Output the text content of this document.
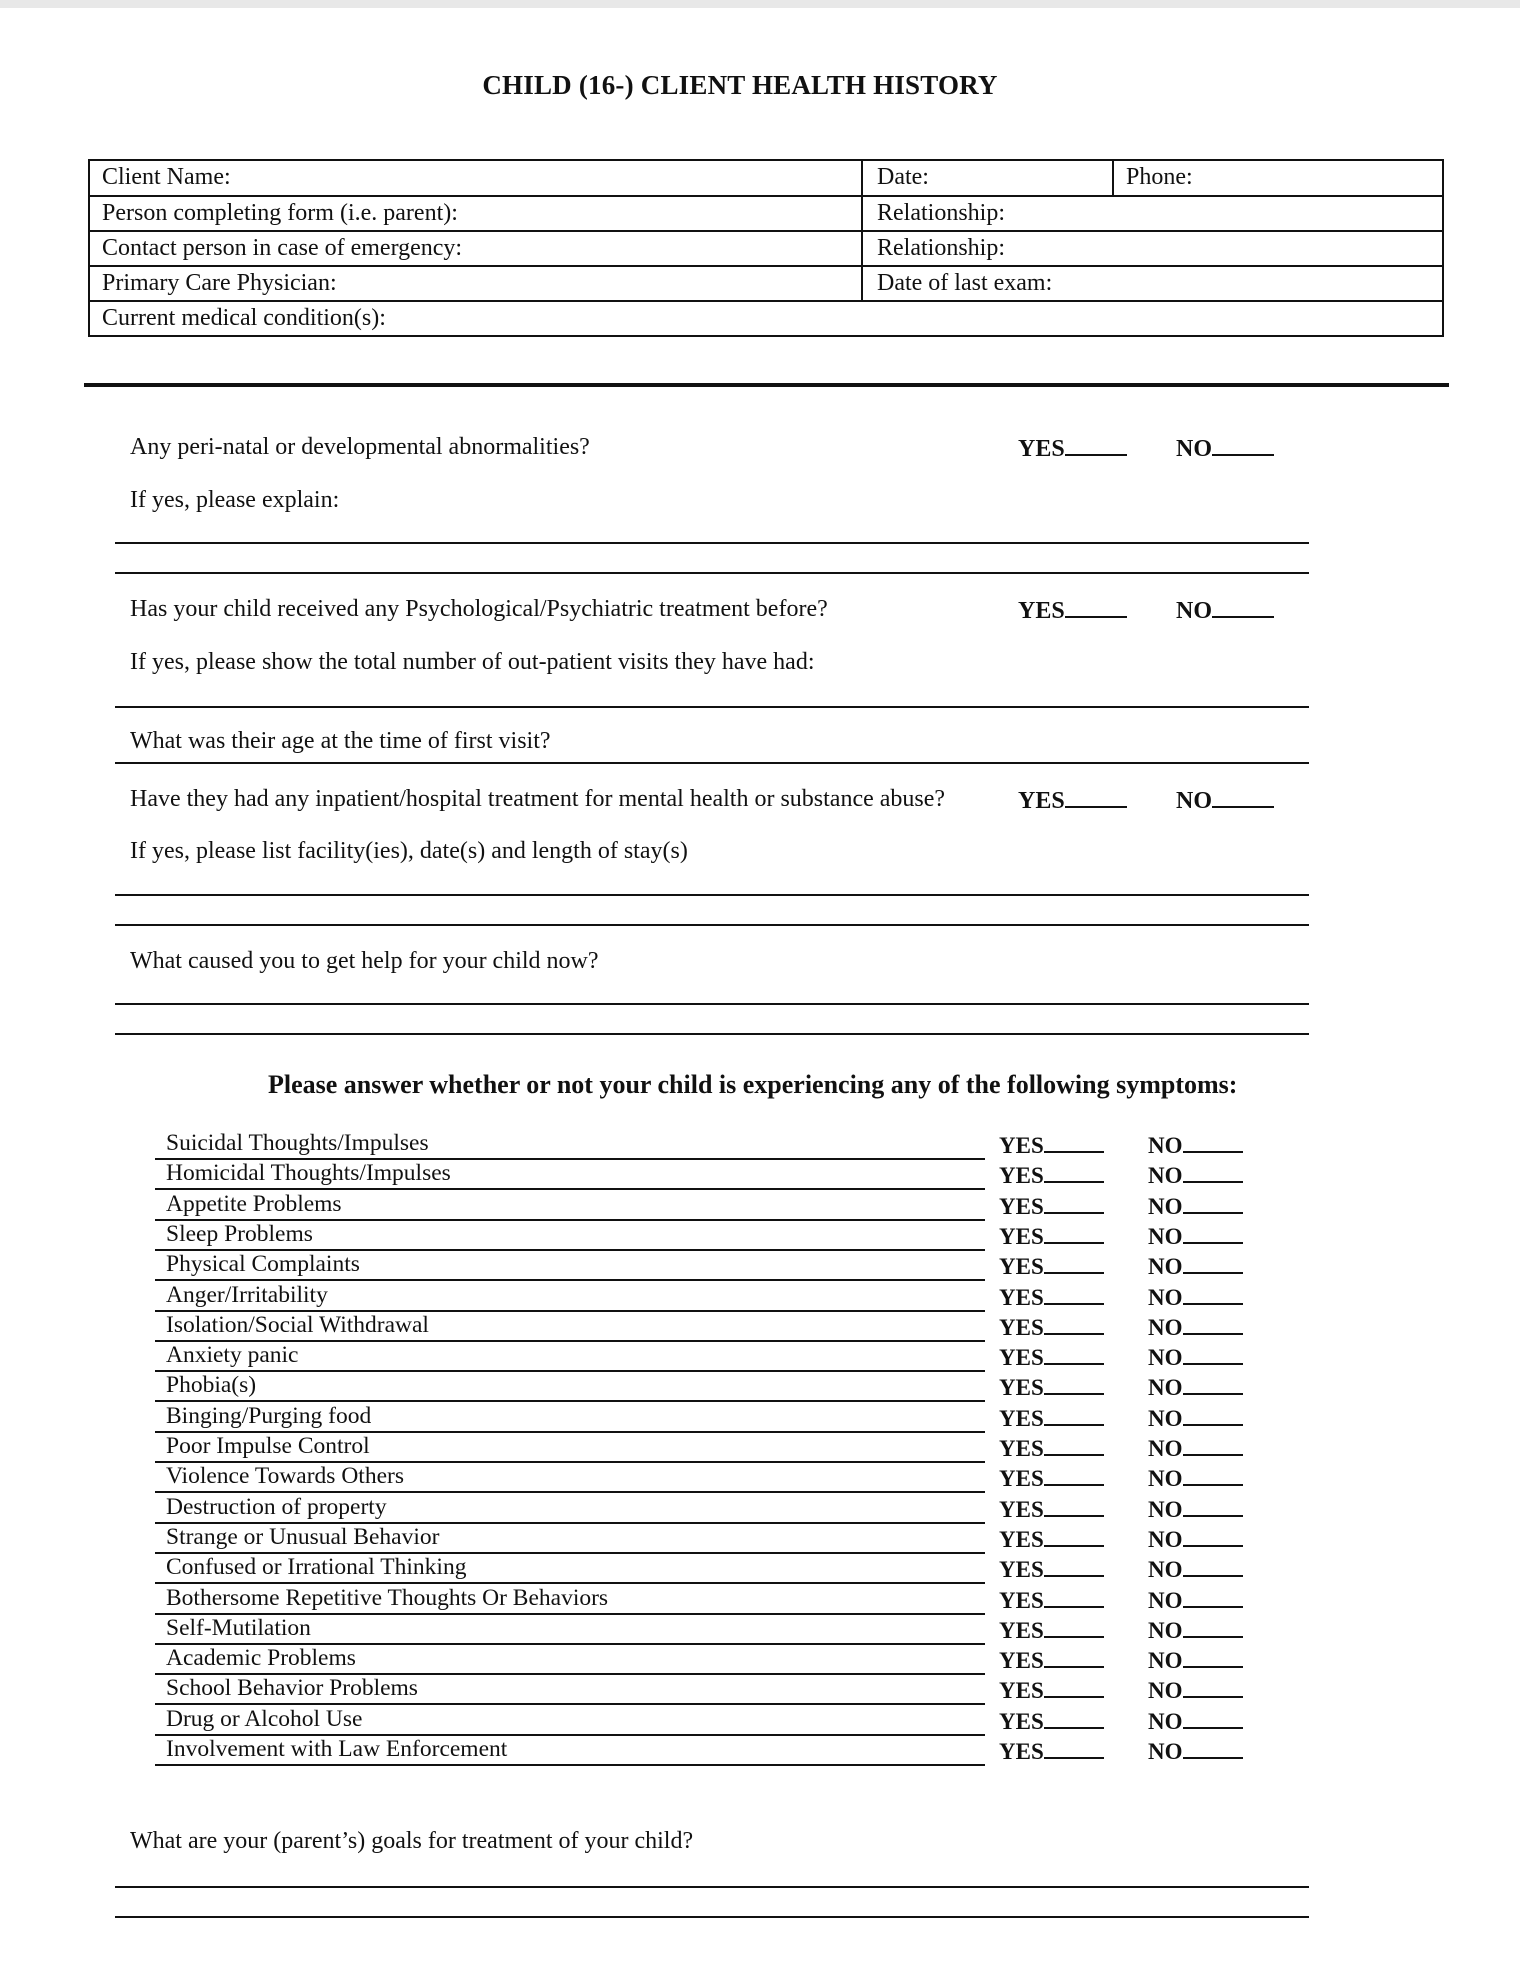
CHILD (16-) CLIENT HEALTH HISTORY
Client Name:	Date:	Phone:
Person completing form (i.e. parent):	Relationship:
Contact person in case of emergency:	Relationship:
Primary Care Physician:	Date of last exam:
Current medical condition(s):
Any peri-natal or developmental abnormalities?	YES	NO
If yes, please explain:
Has your child received any Psychological/Psychiatric treatment before?	YES	NO
If yes, please show the total number of out-patient visits they have had:
What was their age at the time of first visit?
Have they had any inpatient/hospital treatment for mental health or substance abuse?	YES	NO
If yes, please list facility(ies), date(s) and length of stay(s)
What caused you to get help for your child now?
Please answer whether or not your child is experiencing any of the following symptoms:
Suicidal Thoughts/Impulses	YES	NO
Homicidal Thoughts/Impulses	YES	NO
Appetite Problems	YES	NO
Sleep Problems	YES	NO
Physical Complaints	YES	NO
Anger/Irritability	YES	NO
Isolation/Social Withdrawal	YES	NO
Anxiety panic	YES	NO
Phobia(s)	YES	NO
Binging/Purging food	YES	NO
Poor Impulse Control	YES	NO
Violence Towards Others	YES	NO
Destruction of property	YES	NO
Strange or Unusual Behavior	YES	NO
Confused or Irrational Thinking	YES	NO
Bothersome Repetitive Thoughts Or Behaviors	YES	NO
Self-Mutilation	YES	NO
Academic Problems	YES	NO
School Behavior Problems	YES	NO
Drug or Alcohol Use	YES	NO
Involvement with Law Enforcement	YES	NO
What are your (parent’s) goals for treatment of your child?
